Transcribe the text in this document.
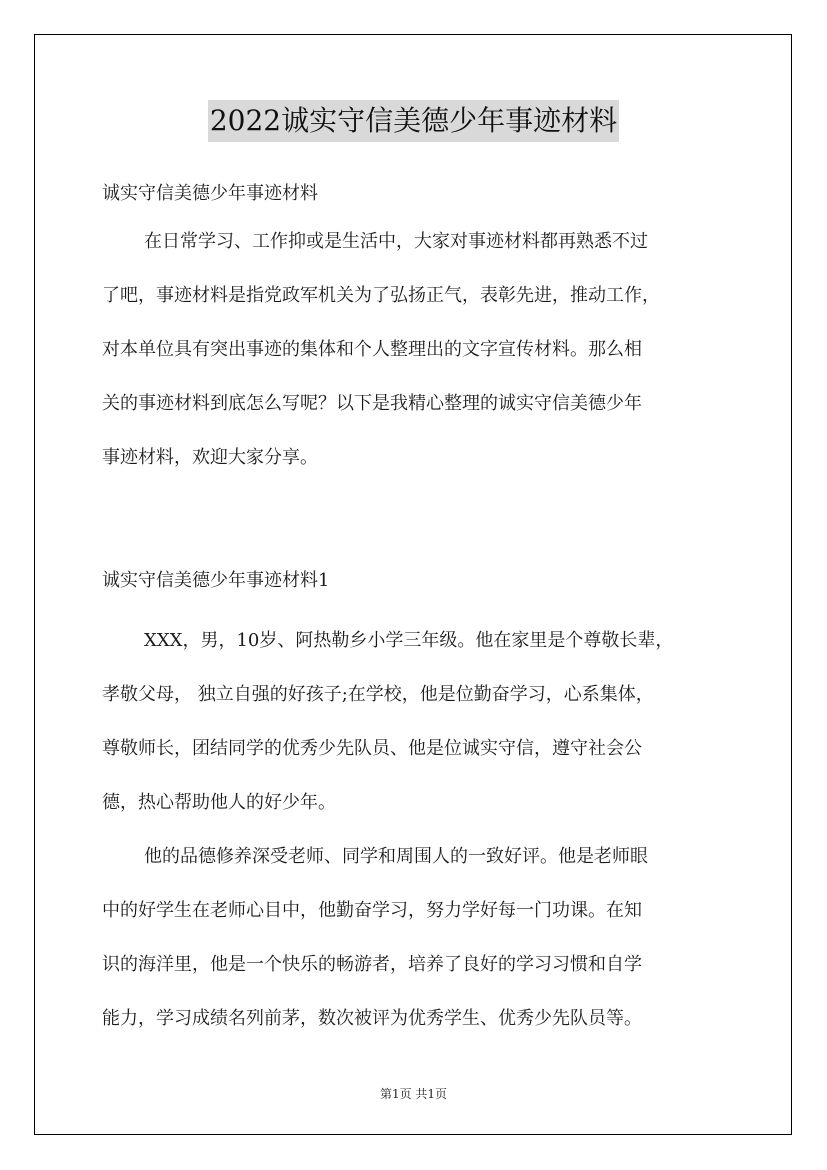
2022诚实守信美德少年事迹材料
诚实守信美德少年事迹材料
在日常学习、工作抑或是生活中，大家对事迹材料都再熟悉不过
了吧，事迹材料是指党政军机关为了弘扬正气，表彰先进，推动工作，
对本单位具有突出事迹的集体和个人整理出的文字宣传材料。那么相
关的事迹材料到底怎么写呢？以下是我精心整理的诚实守信美德少年
事迹材料，欢迎大家分享。
诚实守信美德少年事迹材料1
XXX，男，10岁、阿热勒乡小学三年级。他在家里是个尊敬长辈，
孝敬父母， 独立自强的好孩子;在学校，他是位勤奋学习，心系集体，
尊敬师长，团结同学的优秀少先队员、他是位诚实守信，遵守社会公
德，热心帮助他人的好少年。
他的品德修养深受老师、同学和周围人的一致好评。他是老师眼
中的好学生在老师心目中，他勤奋学习，努力学好每一门功课。在知
识的海洋里，他是一个快乐的畅游者，培养了良好的学习习惯和自学
能力，学习成绩名列前茅，数次被评为优秀学生、优秀少先队员等。
第1页 共1页
